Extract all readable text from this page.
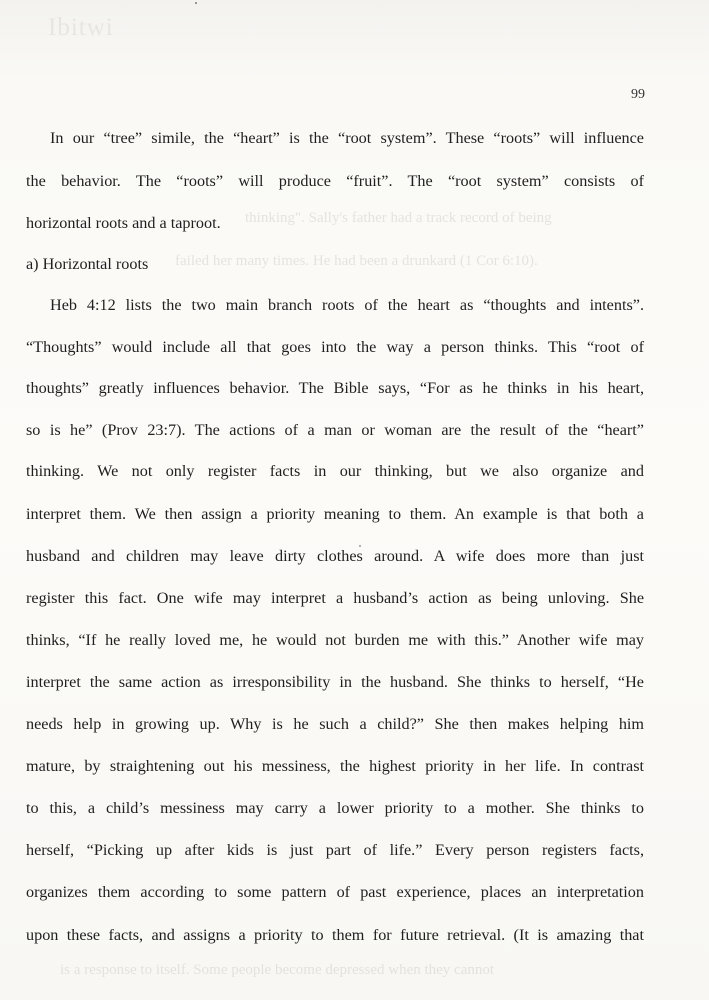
Ibitwi
thinking". Sally's father had a track record of being
failed her many times. He had been a drunkard (1 Cor 6:10).
is a response to itself. Some people become depressed when they cannot
99
In our “tree” simile, the “heart” is the “root system”. These “roots” will influence
the behavior. The “roots” will produce “fruit”. The “root system” consists of
horizontal roots and a taproot.
a) Horizontal roots
Heb 4:12 lists the two main branch roots of the heart as “thoughts and intents”.
“Thoughts” would include all that goes into the way a person thinks. This “root of
thoughts” greatly influences behavior. The Bible says, “For as he thinks in his heart,
so is he” (Prov 23:7). The actions of a man or woman are the result of the “heart”
thinking. We not only register facts in our thinking, but we also organize and
interpret them. We then assign a priority meaning to them. An example is that both a
husband and children may leave dirty clothes around. A wife does more than just
register this fact. One wife may interpret a husband’s action as being unloving. She
thinks, “If he really loved me, he would not burden me with this.” Another wife may
interpret the same action as irresponsibility in the husband. She thinks to herself, “He
needs help in growing up. Why is he such a child?” She then makes helping him
mature, by straightening out his messiness, the highest priority in her life. In contrast
to this, a child’s messiness may carry a lower priority to a mother. She thinks to
herself, “Picking up after kids is just part of life.” Every person registers facts,
organizes them according to some pattern of past experience, places an interpretation
upon these facts, and assigns a priority to them for future retrieval. (It is amazing that
